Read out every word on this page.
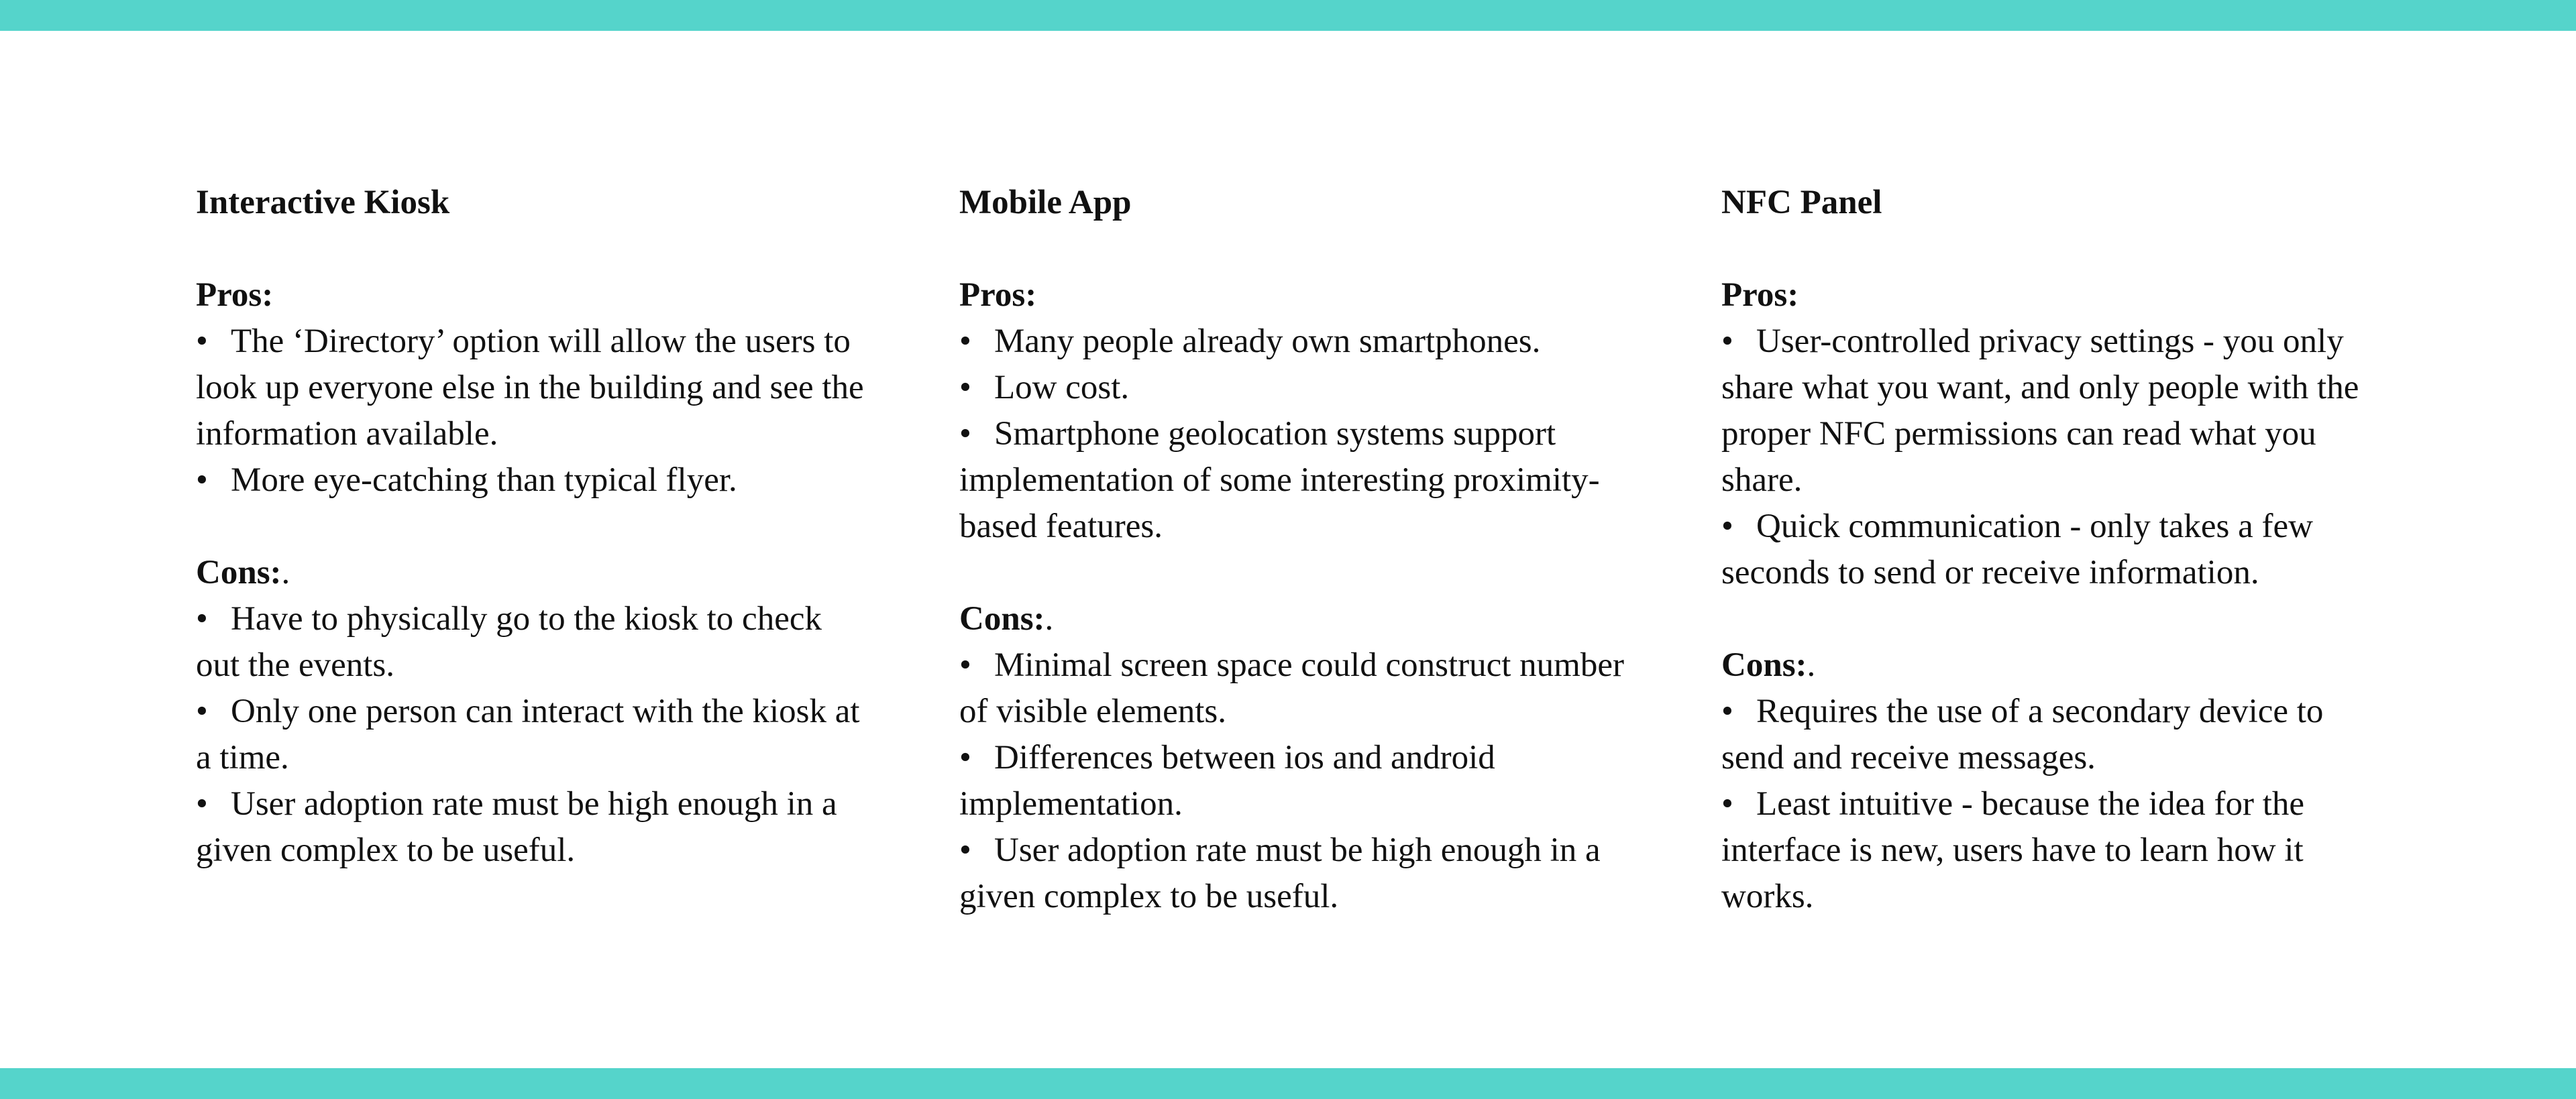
Interactive Kiosk

Pros:

• The ‘Directory’ option will allow the users to look up everyone else in the building and see the information available.
• More eye-catching than typical flyer.

Cons:.

• Have to physically go to the kiosk to check out the events.
• Only one person can interact with the kiosk at a time.
• User adoption rate must be high enough in a given complex to be useful.

Mobile App

Pros:

• Many people already own smartphones.
• Low cost.
• Smartphone geolocation systems support implementation of some interesting proximity-based features.

Cons:.

• Minimal screen space could construct number of visible elements.
• Differences between ios and android implementation.
• User adoption rate must be high enough in a given complex to be useful.

NFC Panel

Pros:

• User-controlled privacy settings - you only share what you want, and only people with the proper NFC permissions can read what you share.
• Quick communication - only takes a few seconds to send or receive information.

Cons:.

• Requires the use of a secondary device to send and receive messages.
• Least intuitive - because the idea for the interface is new, users have to learn how it works.
